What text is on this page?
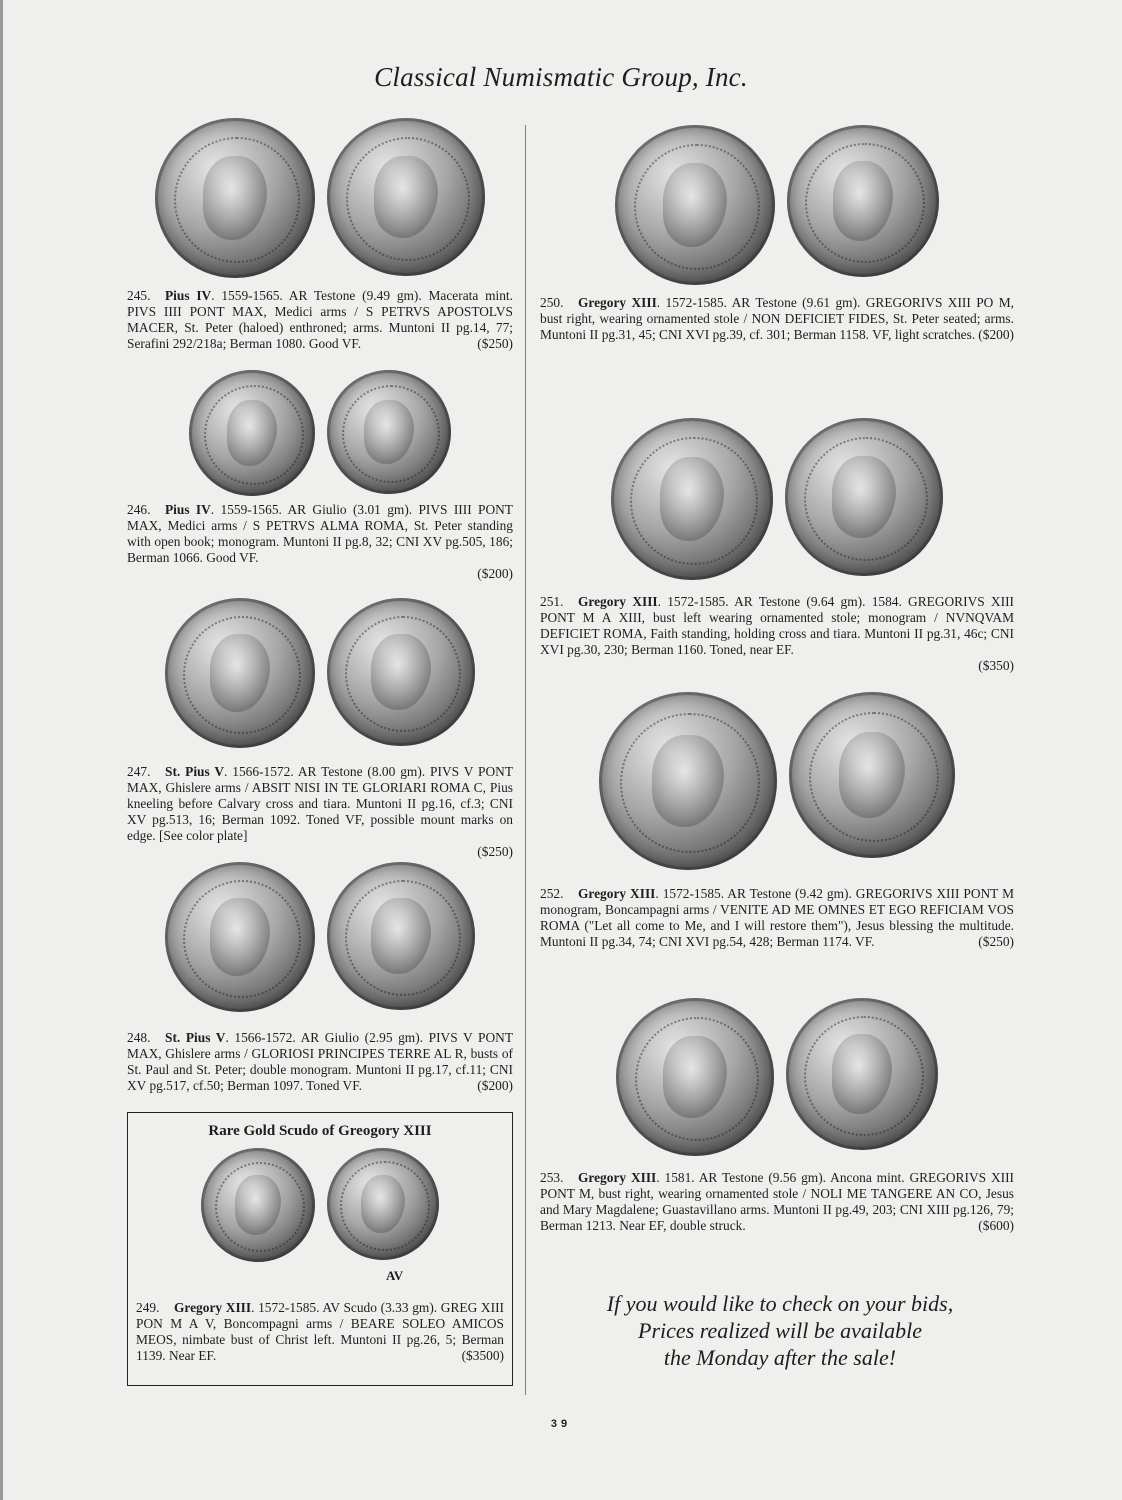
Classical Numismatic Group, Inc.

245. Pius IV. 1559-1565. AR Testone (9.49 gm). Macerata mint. PIVS IIII PONT MAX, Medici arms / S PETRVS APOSTOLVS MACER, St. Peter (haloed) enthroned; arms. Muntoni II pg.14, 77; Serafini 292/218a; Berman 1080. Good VF.	($250)

246. Pius IV. 1559-1565. AR Giulio (3.01 gm). PIVS IIII PONT MAX, Medici arms / S PETRVS ALMA ROMA, St. Peter standing with open book; monogram. Muntoni II pg.8, 32; CNI XV pg.505, 186; Berman 1066. Good VF.
($200)

247. St. Pius V. 1566-1572. AR Testone (8.00 gm). PIVS V PONT MAX, Ghislere arms / ABSIT NISI IN TE GLORIARI ROMA C, Pius kneeling before Calvary cross and tiara. Muntoni II pg.16, cf.3; CNI XV pg.513, 16; Berman 1092. Toned VF, possible mount marks on edge. [See color plate]
($250)

248. St. Pius V. 1566-1572. AR Giulio (2.95 gm). PIVS V PONT MAX, Ghislere arms / GLORIOSI PRINCIPES TERRE AL R, busts of St. Paul and St. Peter; double monogram. Muntoni II pg.17, cf.11; CNI XV pg.517, cf.50; Berman 1097. Toned VF.	($200)

Rare Gold Scudo of Greogory XIII
AV

249. Gregory XIII. 1572-1585. AV Scudo (3.33 gm). GREG XIII PON M A V, Boncompagni arms / BEARE SOLEO AMICOS MEOS, nimbate bust of Christ left. Muntoni II pg.26, 5; Berman 1139. Near EF.	($3500)

250. Gregory XIII. 1572-1585. AR Testone (9.61 gm). GREGORIVS XIII PO M, bust right, wearing ornamented stole / NON DEFICIET FIDES, St. Peter seated; arms. Muntoni II pg.31, 45; CNI XVI pg.39, cf. 301; Berman 1158. VF, light scratches. ($200)

251. Gregory XIII. 1572-1585. AR Testone (9.64 gm). 1584. GREGORIVS XIII PONT M A XIII, bust left wearing ornamented stole; monogram / NVNQVAM DEFICIET ROMA, Faith standing, holding cross and tiara. Muntoni II pg.31, 46c; CNI XVI pg.30, 230; Berman 1160. Toned, near EF.
($350)

252. Gregory XIII. 1572-1585. AR Testone (9.42 gm). GREGORIVS XIII PONT M monogram, Boncampagni arms / VENITE AD ME OMNES ET EGO REFICIAM VOS ROMA ("Let all come to Me, and I will restore them"), Jesus blessing the multitude. Muntoni II pg.34, 74; CNI XVI pg.54, 428; Berman 1174. VF.	($250)

253. Gregory XIII. 1581. AR Testone (9.56 gm). Ancona mint. GREGORIVS XIII PONT M, bust right, wearing ornamented stole / NOLI ME TANGERE AN CO, Jesus and Mary Magdalene; Guastavillano arms. Muntoni II pg.49, 203; CNI XIII pg.126, 79; Berman 1213. Near EF, double struck.	($600)

If you would like to check on your bids,
Prices realized will be available
the Monday after the sale!
39
